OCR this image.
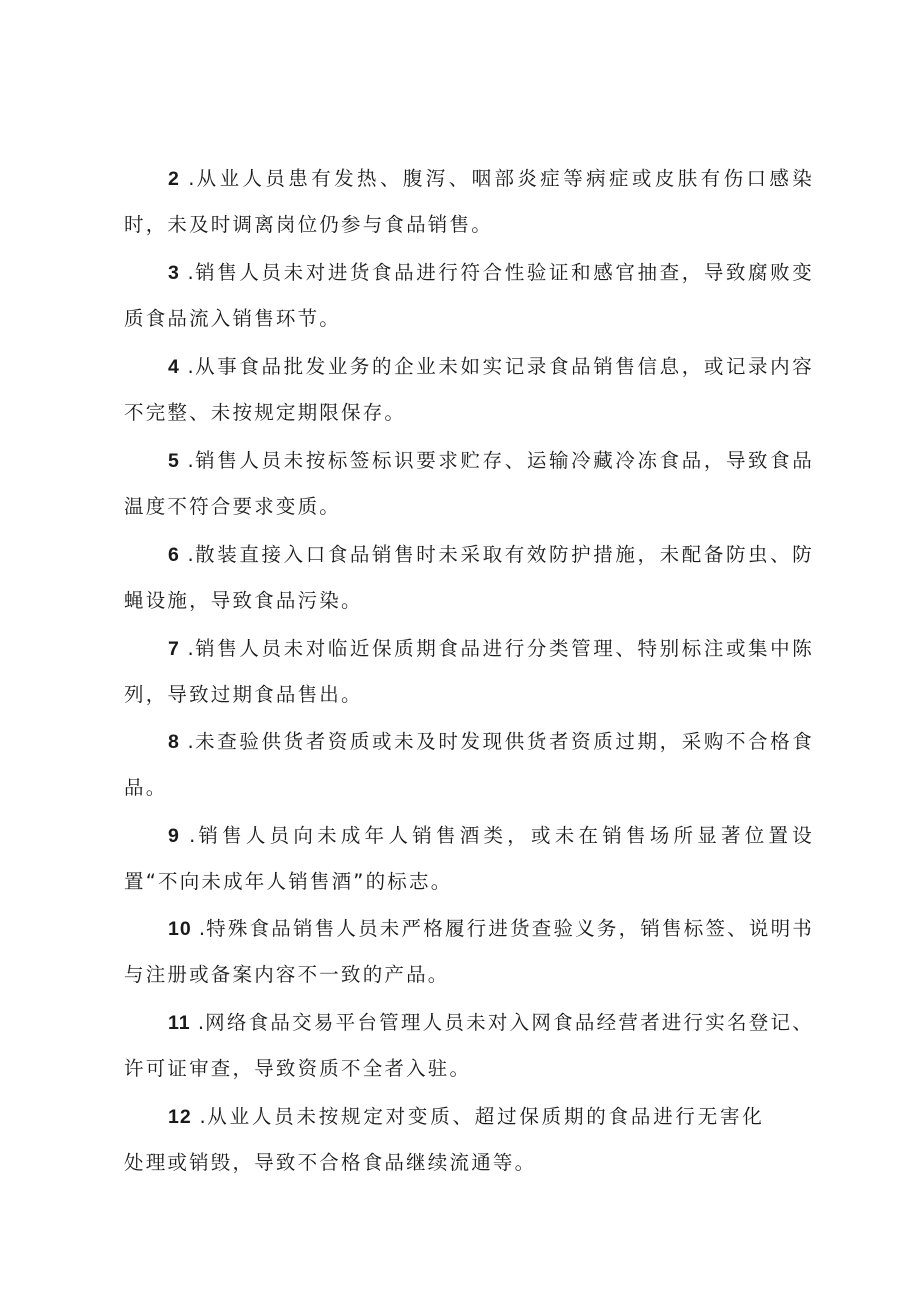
2 .从业人员患有发热、腹泻、咽部炎症等病症或皮肤有伤口感染时，未及时调离岗位仍参与食品销售。

3 .销售人员未对进货食品进行符合性验证和感官抽查，导致腐败变质食品流入销售环节。

4 .从事食品批发业务的企业未如实记录食品销售信息，或记录内容不完整、未按规定期限保存。

5 .销售人员未按标签标识要求贮存、运输冷藏冷冻食品，导致食品温度不符合要求变质。

6 .散装直接入口食品销售时未采取有效防护措施，未配备防虫、防蝇设施，导致食品污染。

7 .销售人员未对临近保质期食品进行分类管理、特别标注或集中陈列，导致过期食品售出。

8 .未查验供货者资质或未及时发现供货者资质过期，采购不合格食品。

9 .销售人员向未成年人销售酒类，或未在销售场所显著位置设置“不向未成年人销售酒”的标志。

10 .特殊食品销售人员未严格履行进货查验义务，销售标签、说明书与注册或备案内容不一致的产品。

11 .网络食品交易平台管理人员未对入网食品经营者进行实名登记、许可证审查，导致资质不全者入驻。

12 .从业人员未按规定对变质、超过保质期的食品进行无害化处理或销毁，导致不合格食品继续流通等。
